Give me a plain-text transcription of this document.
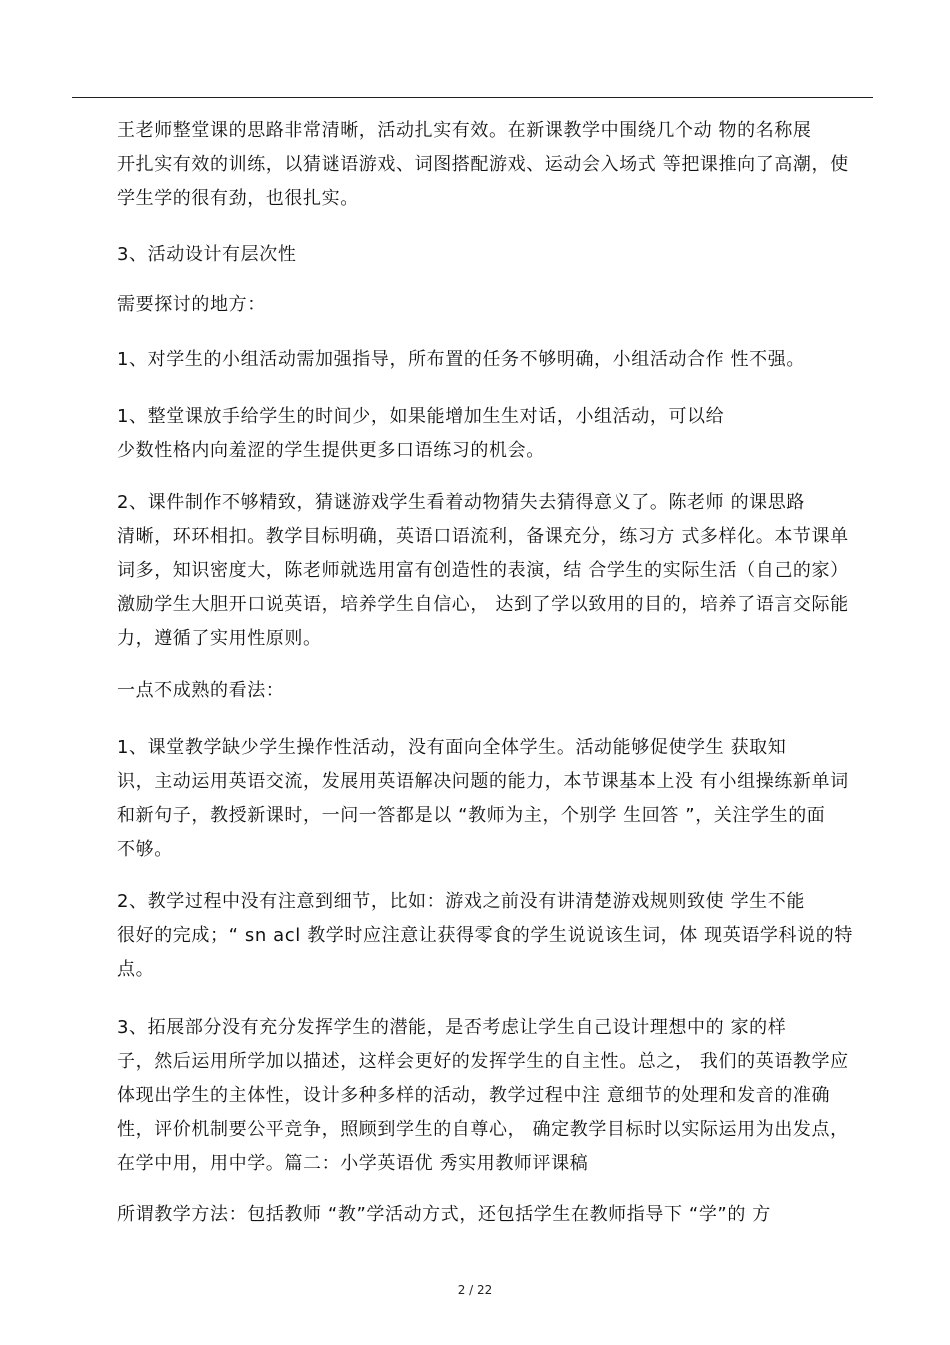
王老师整堂课的思路非常清晰，活动扎实有效。在新课教学中围绕几个动 物的名称展
开扎实有效的训练，以猜谜语游戏、词图搭配游戏、运动会入场式 等把课推向了高潮，使
学生学的很有劲，也很扎实。
3、活动设计有层次性
需要探讨的地方：
1、对学生的小组活动需加强指导，所布置的任务不够明确，小组活动合作 性不强。
1、整堂课放手给学生的时间少，如果能增加生生对话，小组活动，可以给
少数性格内向羞涩的学生提供更多口语练习的机会。
2、课件制作不够精致，猜谜游戏学生看着动物猜失去猜得意义了。陈老师 的课思路
清晰，环环相扣。教学目标明确，英语口语流利，备课充分，练习方 式多样化。本节课单
词多，知识密度大，陈老师就选用富有创造性的表演，结 合学生的实际生活（自己的家）
激励学生大胆开口说英语，培养学生自信心， 达到了学以致用的目的，培养了语言交际能
力，遵循了实用性原则。
一点不成熟的看法：
1、课堂教学缺少学生操作性活动，没有面向全体学生。活动能够促使学生 获取知
识，主动运用英语交流，发展用英语解决问题的能力，本节课基本上没 有小组操练新单词
和新句子，教授新课时，一问一答都是以 “教师为主，个别学 生回答 ”，关注学生的面
不够。
2、教学过程中没有注意到细节，比如：游戏之前没有讲清楚游戏规则致使 学生不能
很好的完成；“ sn acl 教学时应注意让获得零食的学生说说该生词，体 现英语学科说的特
点。
3、拓展部分没有充分发挥学生的潜能，是否考虑让学生自己设计理想中的 家的样
子，然后运用所学加以描述，这样会更好的发挥学生的自主性。总之， 我们的英语教学应
体现出学生的主体性，设计多种多样的活动，教学过程中注 意细节的处理和发音的准确
性，评价机制要公平竞争，照顾到学生的自尊心， 确定教学目标时以实际运用为出发点，
在学中用，用中学。篇二：小学英语优 秀实用教师评课稿
所谓教学方法：包括教师 “教”学活动方式，还包括学生在教师指导下 “学”的 方
2 / 22
